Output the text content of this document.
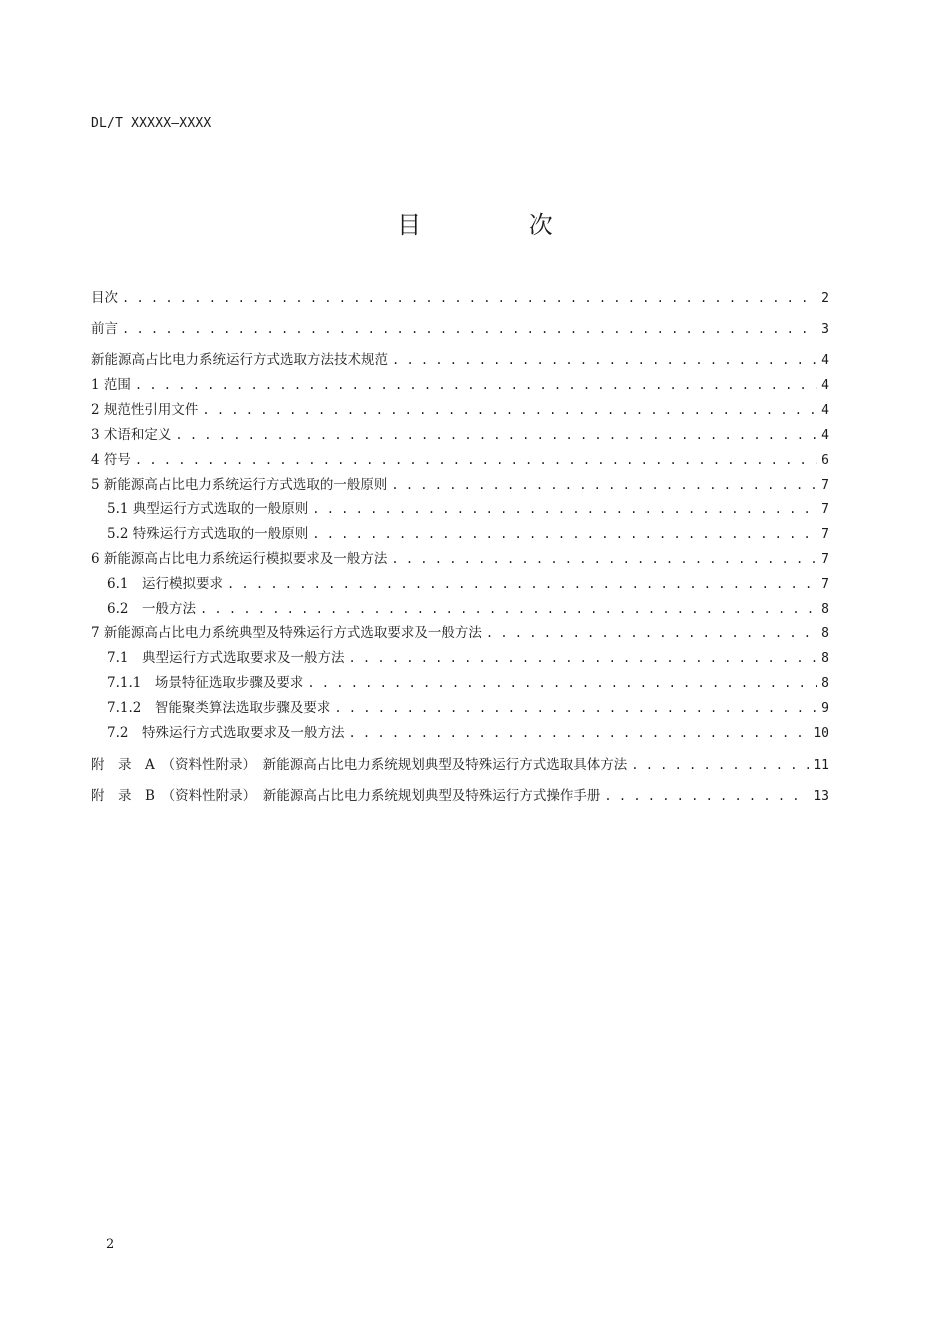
DL/T XXXXX—XXXX
目 次
目次 . . .	2
前言 . . .	3
新能源高占比电力系统运行方式选取方法技术规范 . . .	4
1 范围 . . .	4
2 规范性引用文件 . . .	4
3 术语和定义 . . .	4
4 符号 . . .	6
5 新能源高占比电力系统运行方式选取的一般原则 . . .	7
5.1 典型运行方式选取的一般原则 . . .	7
5.2 特殊运行方式选取的一般原则 . . .	7
6 新能源高占比电力系统运行模拟要求及一般方法 . . .	7
6.1　运行模拟要求 . . .	7
6.2　一般方法 . . .	8
7 新能源高占比电力系统典型及特殊运行方式选取要求及一般方法 . . .	8
7.1　典型运行方式选取要求及一般方法 . . .	8
7.1.1　场景特征选取步骤及要求 . . .	8
7.1.2　智能聚类算法选取步骤及要求 . . .	9
7.2　特殊运行方式选取要求及一般方法 . . .	10
附　录　A　（资料性附录）　新能源高占比电力系统规划典型及特殊运行方式选取具体方法 . . .	11
附　录　B　（资料性附录）　新能源高占比电力系统规划典型及特殊运行方式操作手册 . . .	13
2
